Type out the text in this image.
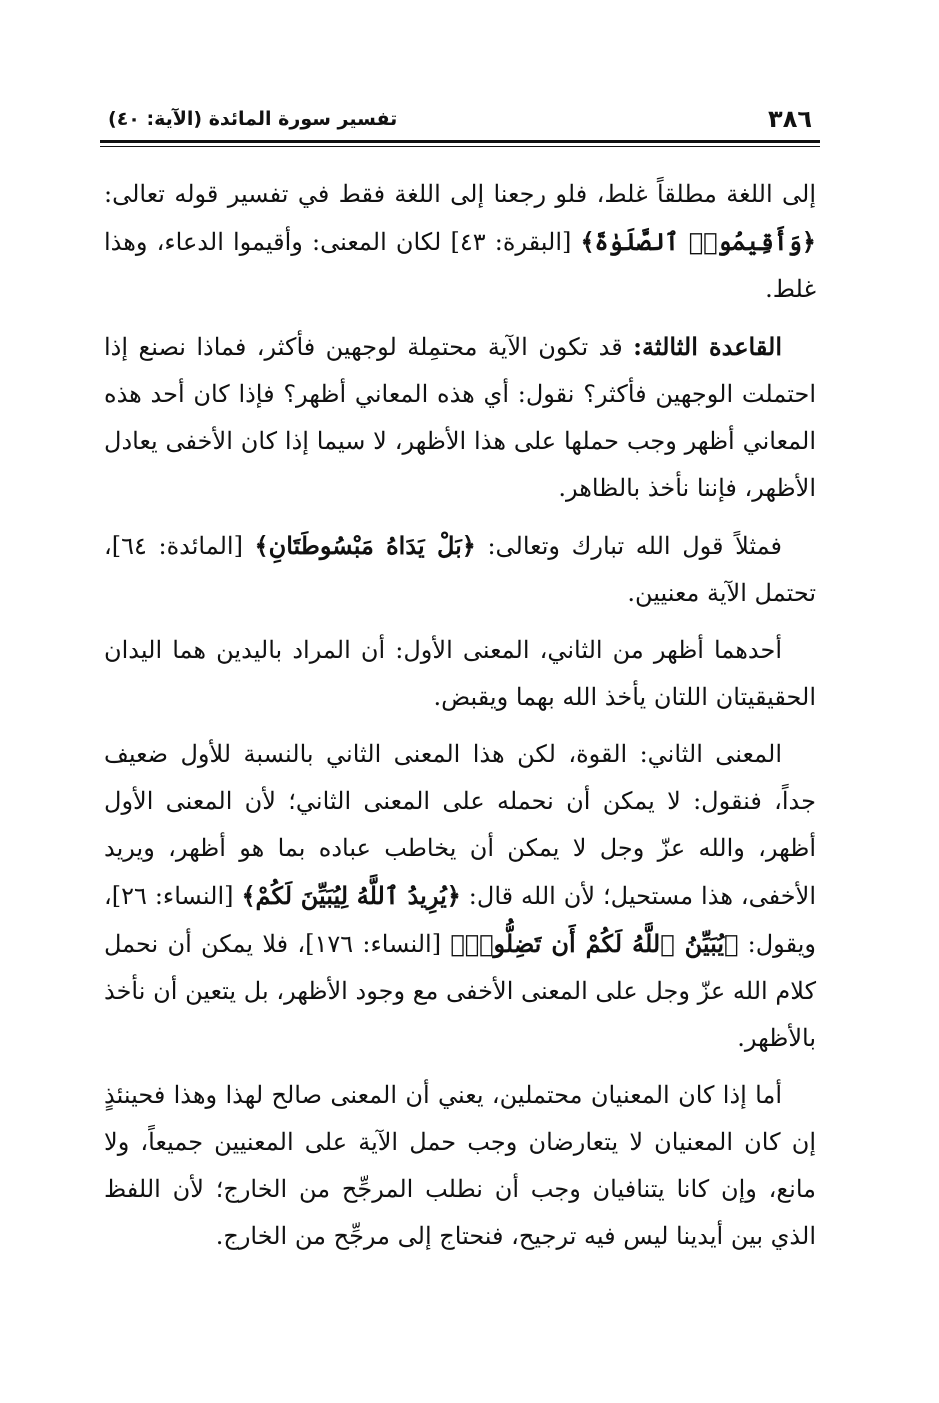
٣٨٦
تفسير سورة المائدة (الآية: ٤٠)

إلى اللغة مطلقاً غلط، فلو رجعنا إلى اللغة فقط في تفسير قوله تعالى: ﴿وَأَقِيمُوا۟ ٱلصَّلَوٰةَ﴾ [البقرة: ٤٣] لكان المعنى: وأقيموا الدعاء، وهذا غلط.

القاعدة الثالثة: قد تكون الآية محتمِلة لوجهين فأكثر، فماذا نصنع إذا احتملت الوجهين فأكثر؟ نقول: أي هذه المعاني أظهر؟ فإذا كان أحد هذه المعاني أظهر وجب حملها على هذا الأظهر، لا سيما إذا كان الأخفى يعادل الأظهر، فإننا نأخذ بالظاهر.

فمثلاً قول الله تبارك وتعالى: ﴿بَلْ يَدَاهُ مَبْسُوطَتَانِ﴾ [المائدة: ٦٤]، تحتمل الآية معنيين.

أحدهما أظهر من الثاني، المعنى الأول: أن المراد باليدين هما اليدان الحقيقيتان اللتان يأخذ الله بهما ويقبض.

المعنى الثاني: القوة، لكن هذا المعنى الثاني بالنسبة للأول ضعيف جداً، فنقول: لا يمكن أن نحمله على المعنى الثاني؛ لأن المعنى الأول أظهر، والله عزّ وجل لا يمكن أن يخاطب عباده بما هو أظهر، ويريد الأخفى، هذا مستحيل؛ لأن الله قال: ﴿يُرِيدُ ٱللَّهُ لِيُبَيِّنَ لَكُمْ﴾ [النساء: ٢٦]، ويقول: ﴿يُبَيِّنُ ٱللَّهُ لَكُمْ أَن تَضِلُّوا۟﴾ [النساء: ١٧٦]، فلا يمكن أن نحمل كلام الله عزّ وجل على المعنى الأخفى مع وجود الأظهر، بل يتعين أن نأخذ بالأظهر.

أما إذا كان المعنيان محتملين، يعني أن المعنى صالح لهذا وهذا فحينئذٍ إن كان المعنيان لا يتعارضان وجب حمل الآية على المعنيين جميعاً، ولا مانع، وإن كانا يتنافيان وجب أن نطلب المرجِّح من الخارج؛ لأن اللفظ الذي بين أيدينا ليس فيه ترجيح، فنحتاج إلى مرجِّح من الخارج.
